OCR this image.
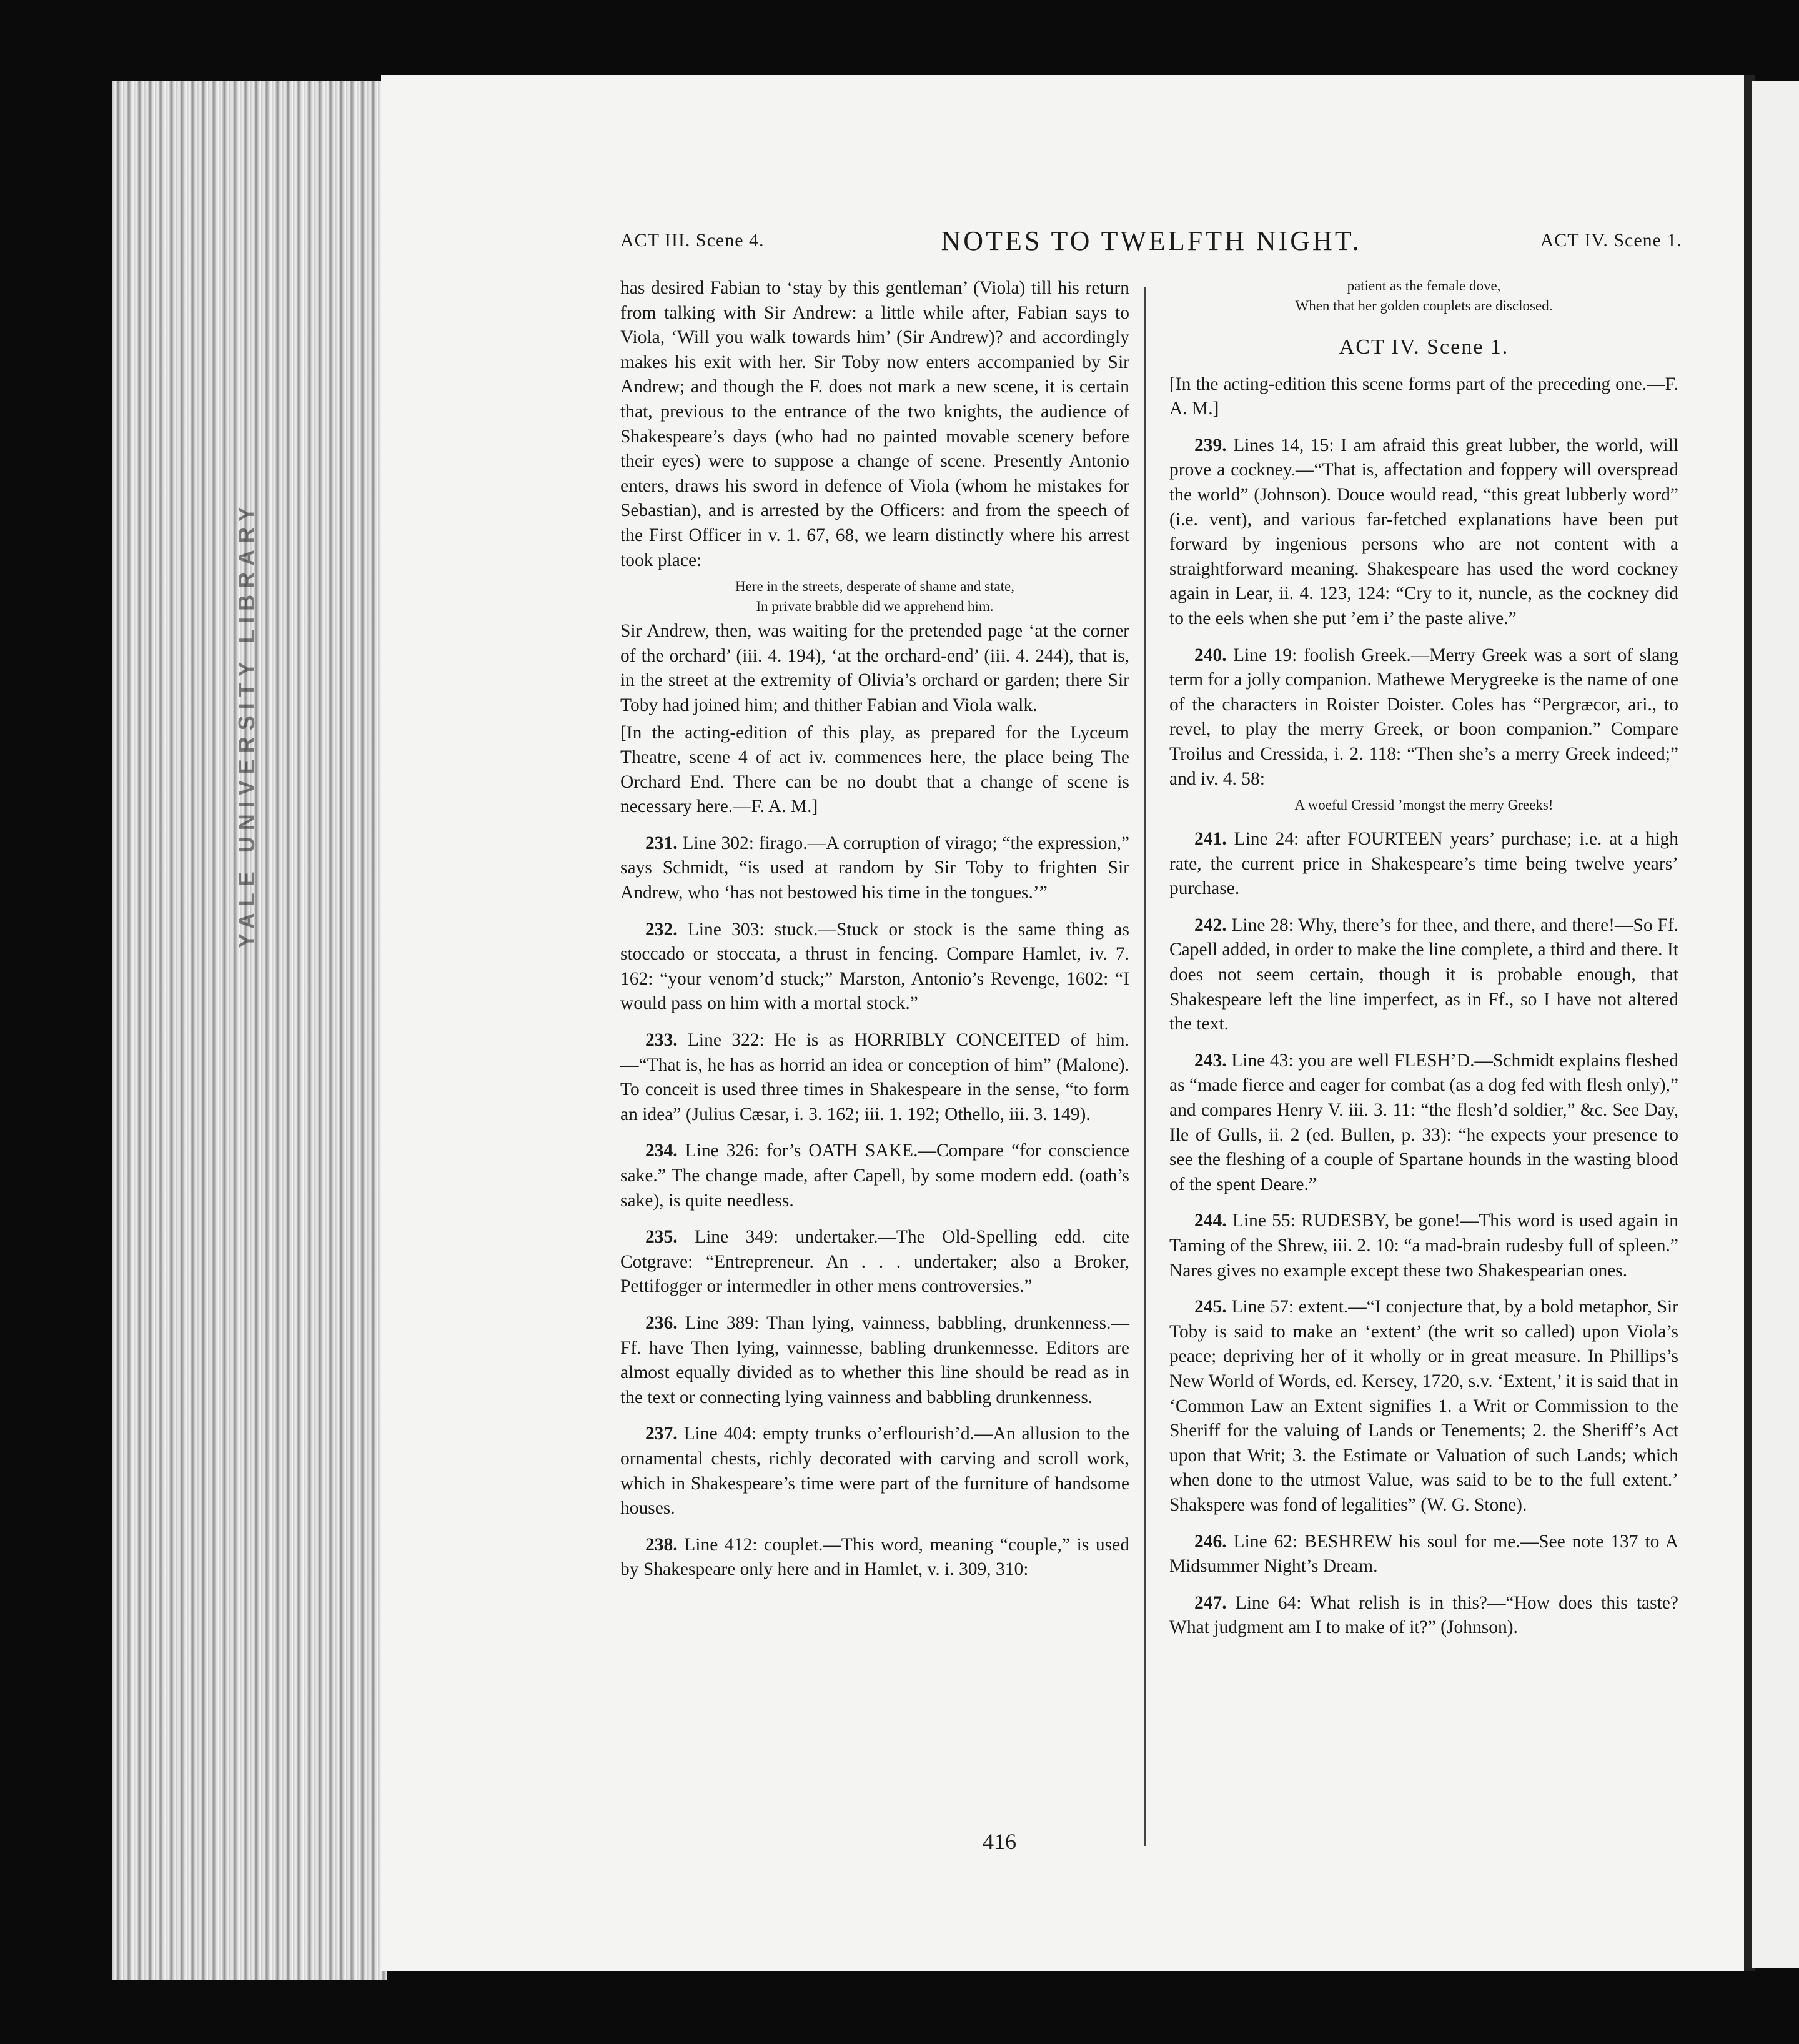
YALE UNIVERSITY LIBRARY
ACT III. Scene 4.	NOTES TO TWELFTH NIGHT.	ACT IV. Scene 1.

has desired Fabian to ‘stay by this gentleman’ (Viola) till his return from talking with Sir Andrew: a little while after, Fabian says to Viola, ‘Will you walk towards him’ (Sir Andrew)? and accordingly makes his exit with her. Sir Toby now enters accompanied by Sir Andrew; and though the F. does not mark a new scene, it is certain that, previous to the entrance of the two knights, the audience of Shakespeare’s days (who had no painted movable scenery before their eyes) were to suppose a change of scene. Presently Antonio enters, draws his sword in defence of Viola (whom he mistakes for Sebastian), and is arrested by the Officers: and from the speech of the First Officer in v. 1. 67, 68, we learn distinctly where his arrest took place:

Here in the streets, desperate of shame and state,
In private brabble did we apprehend him.

Sir Andrew, then, was waiting for the pretended page ‘at the corner of the orchard’ (iii. 4. 194), ‘at the orchard-end’ (iii. 4. 244), that is, in the street at the extremity of Olivia’s orchard or garden; there Sir Toby had joined him; and thither Fabian and Viola walk.

[In the acting-edition of this play, as prepared for the Lyceum Theatre, scene 4 of act iv. commences here, the place being The Orchard End. There can be no doubt that a change of scene is necessary here.—F. A. M.]

231. Line 302: firago.—A corruption of virago; “the expression,” says Schmidt, “is used at random by Sir Toby to frighten Sir Andrew, who ‘has not bestowed his time in the tongues.’”

232. Line 303: stuck.—Stuck or stock is the same thing as stoccado or stoccata, a thrust in fencing. Compare Hamlet, iv. 7. 162: “your venom’d stuck;” Marston, Antonio’s Revenge, 1602: “I would pass on him with a mortal stock.”

233. Line 322: He is as HORRIBLY CONCEITED of him.—“That is, he has as horrid an idea or conception of him” (Malone). To conceit is used three times in Shakespeare in the sense, “to form an idea” (Julius Cæsar, i. 3. 162; iii. 1. 192; Othello, iii. 3. 149).

234. Line 326: for’s OATH SAKE.—Compare “for conscience sake.” The change made, after Capell, by some modern edd. (oath’s sake), is quite needless.

235. Line 349: undertaker.—The Old-Spelling edd. cite Cotgrave: “Entrepreneur. An . . . undertaker; also a Broker, Pettifogger or intermedler in other mens controversies.”

236. Line 389: Than lying, vainness, babbling, drunkenness.—Ff. have Then lying, vainnesse, babling drunkennesse. Editors are almost equally divided as to whether this line should be read as in the text or connecting lying vainness and babbling drunkenness.

237. Line 404: empty trunks o’erflourish’d.—An allusion to the ornamental chests, richly decorated with carving and scroll work, which in Shakespeare’s time were part of the furniture of handsome houses.

238. Line 412: couplet.—This word, meaning “couple,” is used by Shakespeare only here and in Hamlet, v. i. 309, 310:

patient as the female dove,
When that her golden couplets are disclosed.
ACT IV. Scene 1.

[In the acting-edition this scene forms part of the preceding one.—F. A. M.]

239. Lines 14, 15: I am afraid this great lubber, the world, will prove a cockney.—“That is, affectation and foppery will overspread the world” (Johnson). Douce would read, “this great lubberly word” (i.e. vent), and various far-fetched explanations have been put forward by ingenious persons who are not content with a straightforward meaning. Shakespeare has used the word cockney again in Lear, ii. 4. 123, 124: “Cry to it, nuncle, as the cockney did to the eels when she put ’em i’ the paste alive.”

240. Line 19: foolish Greek.—Merry Greek was a sort of slang term for a jolly companion. Mathewe Merygreeke is the name of one of the characters in Roister Doister. Coles has “Pergræcor, ari., to revel, to play the merry Greek, or boon companion.” Compare Troilus and Cressida, i. 2. 118: “Then she’s a merry Greek indeed;” and iv. 4. 58:

A woeful Cressid ’mongst the merry Greeks!

241. Line 24: after FOURTEEN years’ purchase; i.e. at a high rate, the current price in Shakespeare’s time being twelve years’ purchase.

242. Line 28: Why, there’s for thee, and there, and there!—So Ff. Capell added, in order to make the line complete, a third and there. It does not seem certain, though it is probable enough, that Shakespeare left the line imperfect, as in Ff., so I have not altered the text.

243. Line 43: you are well FLESH’D.—Schmidt explains fleshed as “made fierce and eager for combat (as a dog fed with flesh only),” and compares Henry V. iii. 3. 11: “the flesh’d soldier,” &c. See Day, Ile of Gulls, ii. 2 (ed. Bullen, p. 33): “he expects your presence to see the fleshing of a couple of Spartane hounds in the wasting blood of the spent Deare.”

244. Line 55: RUDESBY, be gone!—This word is used again in Taming of the Shrew, iii. 2. 10: “a mad-brain rudesby full of spleen.” Nares gives no example except these two Shakespearian ones.

245. Line 57: extent.—“I conjecture that, by a bold metaphor, Sir Toby is said to make an ‘extent’ (the writ so called) upon Viola’s peace; depriving her of it wholly or in great measure. In Phillips’s New World of Words, ed. Kersey, 1720, s.v. ‘Extent,’ it is said that in ‘Common Law an Extent signifies 1. a Writ or Commission to the Sheriff for the valuing of Lands or Tenements; 2. the Sheriff’s Act upon that Writ; 3. the Estimate or Valuation of such Lands; which when done to the utmost Value, was said to be to the full extent.’ Shakspere was fond of legalities” (W. G. Stone).

246. Line 62: BESHREW his soul for me.—See note 137 to A Midsummer Night’s Dream.

247. Line 64: What relish is in this?—“How does this taste? What judgment am I to make of it?” (Johnson).

416
